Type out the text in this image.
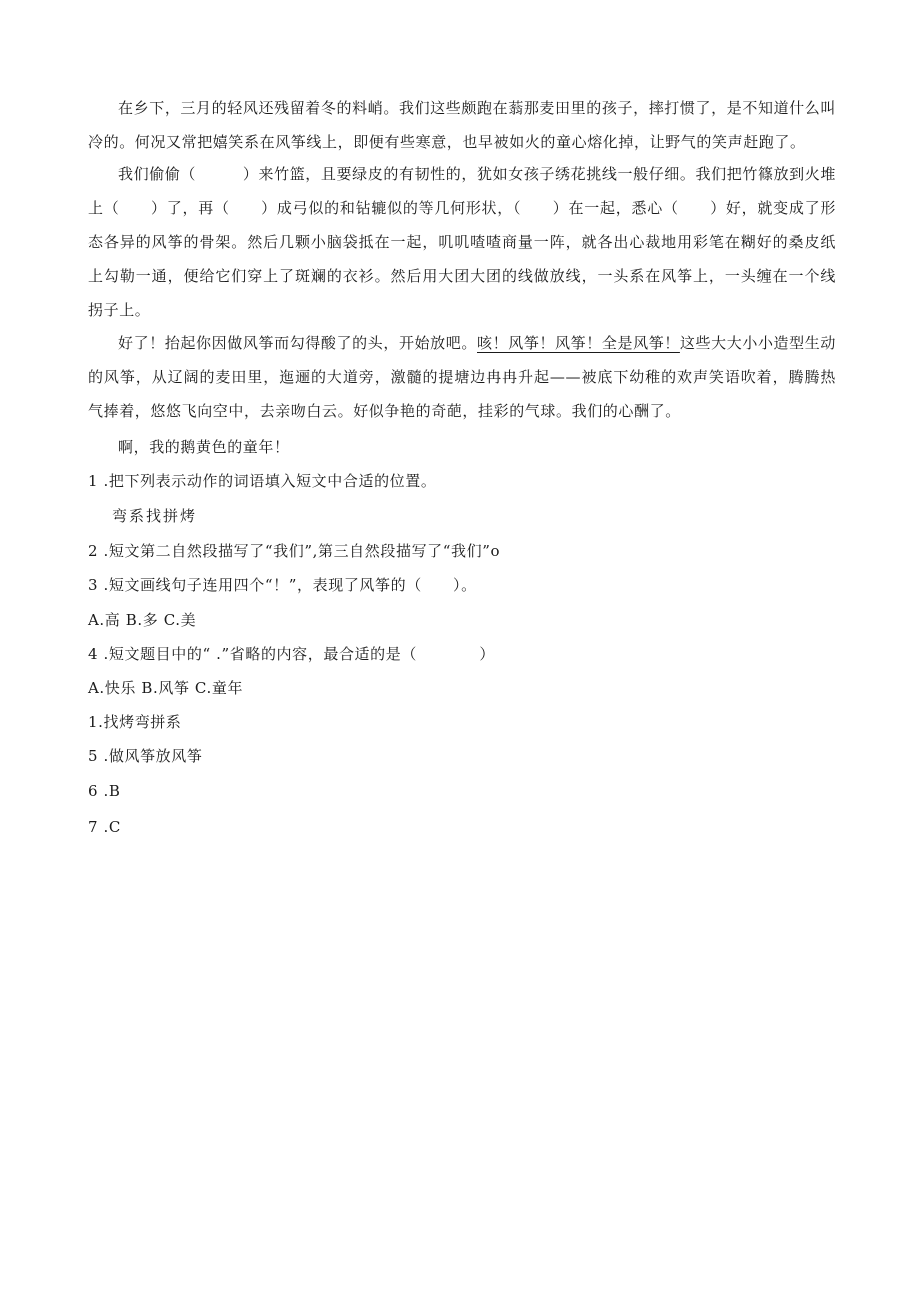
在乡下，三月的轻风还残留着冬的料峭。我们这些颇跑在蓊那麦田里的孩子，摔打惯了，是不知道什么叫冷的。何况又常把嬉笑系在风筝线上，即便有些寒意，也早被如火的童心熔化掉，让野气的笑声赶跑了。

我们偷偷（　　　）来竹篮，且要绿皮的有韧性的，犹如女孩子绣花挑线一般仔细。我们把竹篠放到火堆上（　　）了，再（　　）成弓似的和钻辘似的等几何形状，（　　）在一起，悉心（　　）好，就变成了形态各异的风筝的骨架。然后几颗小脑袋抵在一起，叽叽喳喳商量一阵，就各出心裁地用彩笔在糊好的桑皮纸上勾勒一通，便给它们穿上了斑斓的衣衫。然后用大团大团的线做放线，一头系在风筝上，一头缠在一个线拐子上。

好了！抬起你因做风筝而勾得酸了的头，开始放吧。咳！风筝！风筝！全是风筝！这些大大小小造型生动的风筝，从辽阔的麦田里，迤逦的大道旁，激髓的提塘边冉冉升起——被底下幼稚的欢声笑语吹着，腾腾热气捧着，悠悠飞向空中，去亲吻白云。好似争艳的奇葩，挂彩的气球。我们的心酬了。

啊，我的鹅黄色的童年！

1 .把下列表示动作的词语填入短文中合适的位置。

弯系找拼烤

2 .短文第二自然段描写了“我们”,第三自然段描写了“我们”o

3 .短文画线句子连用四个“！”，表现了风筝的（　　）。

A.高 B.多 C.美

4 .短文题目中的“ .”省略的内容，最合适的是（　　　　）

A.快乐 B.风筝 C.童年

1.找烤弯拼系

5 .做风筝放风筝

6 .B

7 .C
